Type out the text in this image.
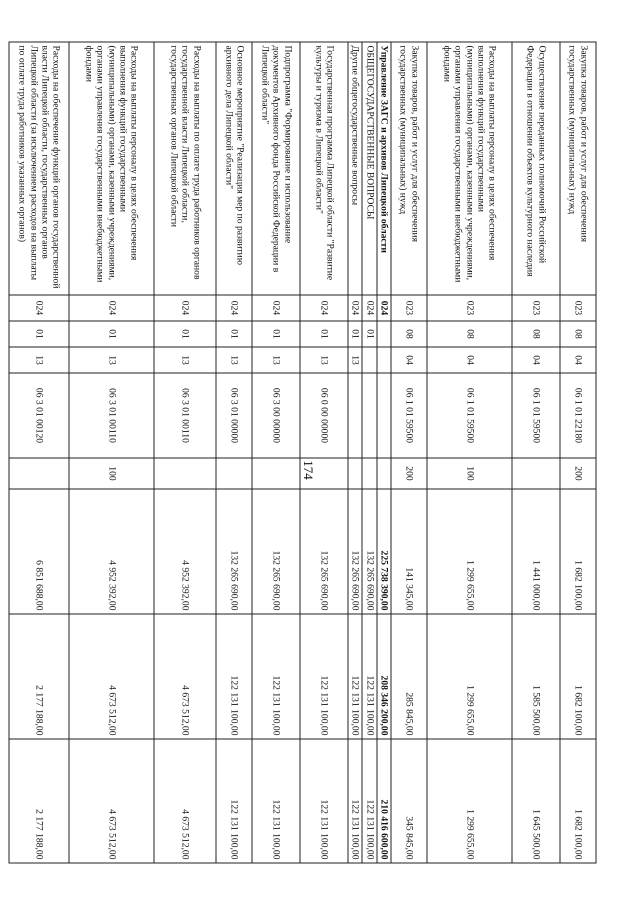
174
Закупка товаров, работ и услуг для обеспечения государственных (муниципальных) нужд	023	08	04	06 1 01 22180	200	1 682 100,00	1 682 100,00	1 682 100,00
Осуществление переданных полномочий Российской Федерации в отношении объектов культурного наследия	023	08	04	06 1 01 59500		1 441 000,00	1 585 500,00	1 645 500,00
Расходы на выплаты персоналу в целях обеспечения выполнения функций государственными (муниципальными) органами, казенными учреждениями, органами управления государственными внебюджетными фондами	023	08	04	06 1 01 59500	100	1 299 655,00	1 299 655,00	1 299 655,00
Закупка товаров, работ и услуг для обеспечения государственных (муниципальных) нужд	023	08	04	06 1 01 59500	200	141 345,00	285 845,00	345 845,00
Управление ЗАГС и архивов Липецкой области	024					225 738 390,00	208 346 200,00	210 416 600,00
ОБЩЕГОСУДАРСТВЕННЫЕ ВОПРОСЫ	024	01				132 265 690,00	122 131 100,00	122 131 100,00
Другие общегосударственные вопросы	024	01	13			132 265 690,00	122 131 100,00	122 131 100,00
Государственная программа Липецкой области "Развитие культуры и туризма в Липецкой области"	024	01	13	06 0 00 00000		132 265 690,00	122 131 100,00	122 131 100,00
Подпрограмма "Формирование и использование документов Архивного фонда Российской Федерации в Липецкой области"	024	01	13	06 3 00 00000		132 265 690,00	122 131 100,00	122 131 100,00
Основное мероприятие "Реализация мер по развитию архивного дела Липецкой области"	024	01	13	06 3 01 00000		132 265 690,00	122 131 100,00	122 131 100,00
Расходы на выплаты по оплате труда работников органов государственной власти Липецкой области, государственных органов Липецкой области	024	01	13	06 3 01 00110		4 952 392,00	4 673 512,00	4 673 512,00
Расходы на выплаты персоналу в целях обеспечения выполнения функций государственными (муниципальными) органами, казенными учреждениями, органами управления государственными внебюджетными фондами	024	01	13	06 3 01 00110	100	4 952 392,00	4 673 512,00	4 673 512,00
Расходы на обеспечение функций органов государственной власти Липецкой области, государственных органов Липецкой области (за исключением расходов на выплаты по оплате труда работников указанных органов)	024	01	13	06 3 01 00120		6 851 688,00	2 177 188,00	2 177 188,00
